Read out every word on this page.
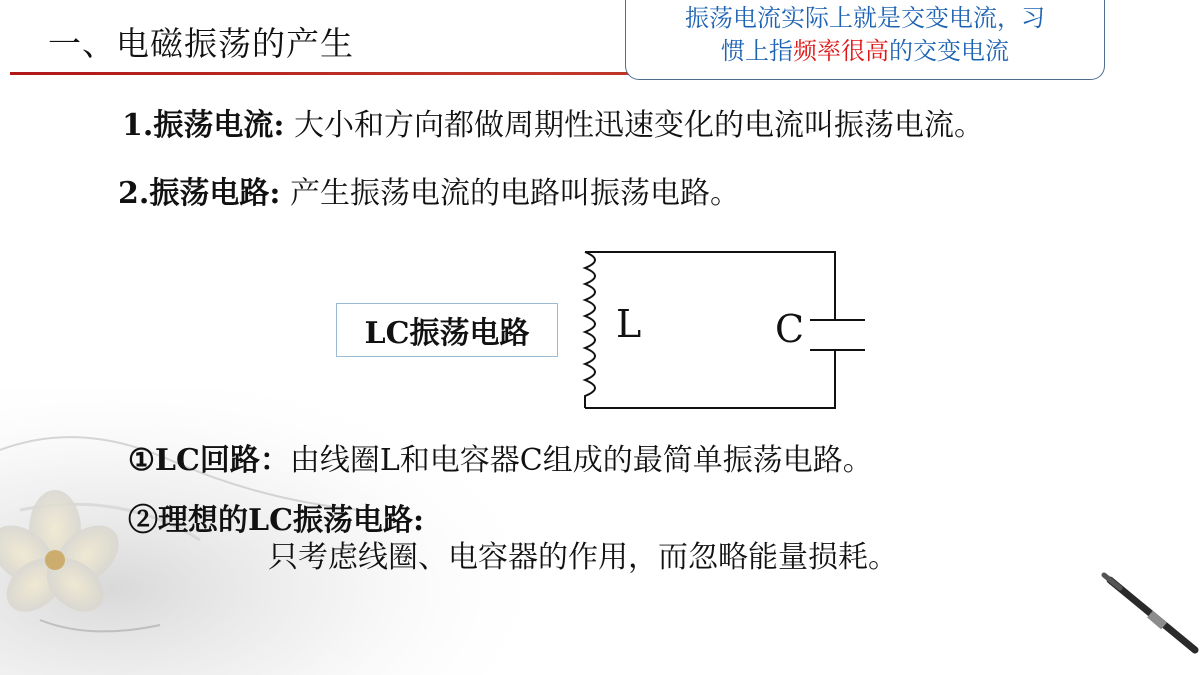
一、电磁振荡的产生
振荡电流实际上就是交变电流，习
惯上指频率很高的交变电流
1.振荡电流: 大小和方向都做周期性迅速变化的电流叫振荡电流。
2.振荡电路: 产生振荡电流的电路叫振荡电路。
LC振荡电路	L	C
①LC回路：由线圈L和电容器C组成的最简单振荡电路。
②理想的LC振荡电路:
只考虑线圈、电容器的作用，而忽略能量损耗。
